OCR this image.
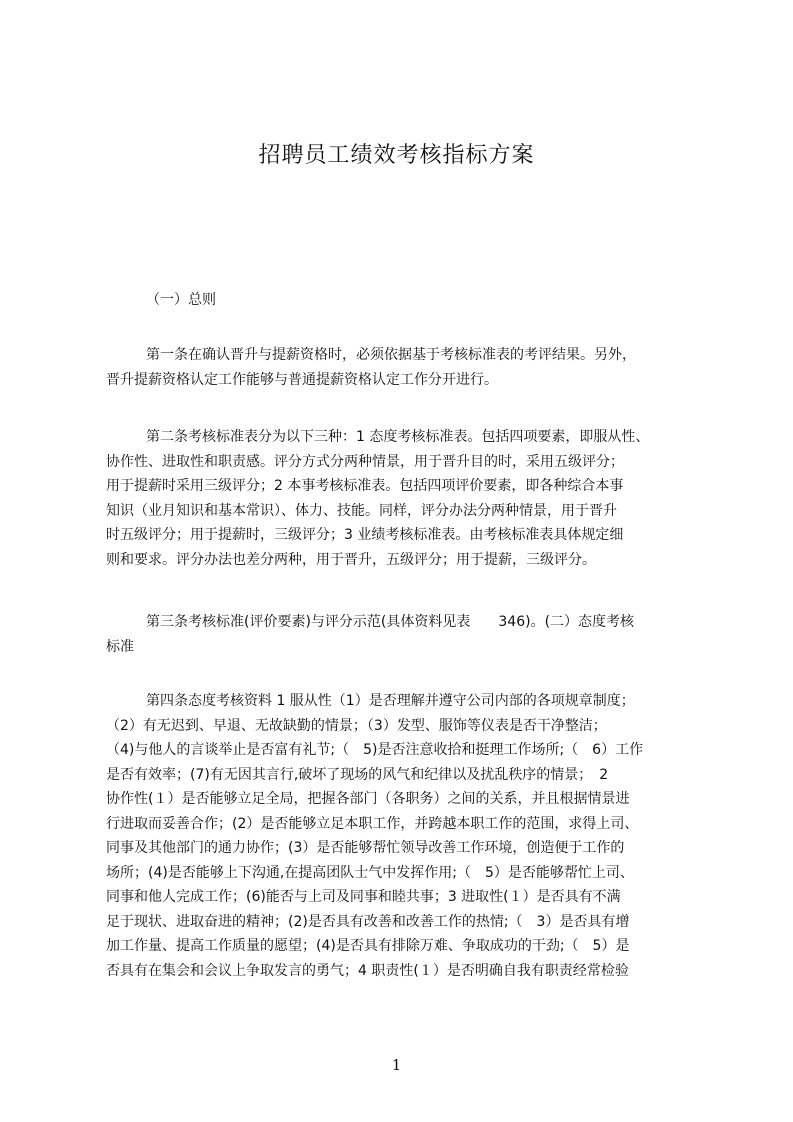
招聘员工绩效考核指标方案
（一）总则
第一条在确认晋升与提薪资格时，必须依据基于考核标准表的考评结果。另外，
晋升提薪资格认定工作能够与普通提薪资格认定工作分开进行。
第二条考核标准表分为以下三种：1 态度考核标准表。包括四项要素，即服从性、
协作性、进取性和职责感。评分方式分两种情景，用于晋升目的时，采用五级评分；
用于提薪时采用三级评分；2 本事考核标准表。包括四项评价要素，即各种综合本事
知识（业月知识和基本常识）、体力、技能。同样，评分办法分两种情景，用于晋升
时五级评分；用于提薪时，三级评分；3 业绩考核标准表。由考核标准表具体规定细
则和要求。评分办法也差分两种，用于晋升，五级评分；用于提薪，三级评分。
第三条考核标准(评价要素)与评分示范(具体资料见表　　346)。(二）态度考核
标准
第四条态度考核资料 1 服从性（1）是否理解并遵守公司内部的各项规章制度；
（2）有无迟到、早退、无故缺勤的情景；（3）发型、服饰等仪表是否干净整洁；
（4)与他人的言谈举止是否富有礼节;（　5)是否注意收拾和挺理工作场所;（　6）工作
是否有效率；(7)有无因其言行,破坏了现场的风气和纪律以及扰乱秩序的情景；　2
协作性(１）是否能够立足全局，把握各部门（各职务）之间的关系，并且根据情景进
行进取而妥善合作；(2）是否能够立足本职工作，并跨越本职工作的范围，求得上司、
同事及其他部门的通力协作；(3）是否能够帮忙领导改善工作环境，创造便于工作的
场所；(4)是否能够上下沟通,在提高团队士气中发挥作用;（　5）是否能够帮忙上司、
同事和他人完成工作；(6)能否与上司及同事和睦共事；3 进取性(１）是否具有不满
足于现状、进取奋进的精神；(2)是否具有改善和改善工作的热情;（　3）是否具有增
加工作量、提高工作质量的愿望；(4)是否具有排除万难、争取成功的干劲;（　5）是
否具有在集会和会议上争取发言的勇气；4 职责性(１）是否明确自我有职责经常检验
1
